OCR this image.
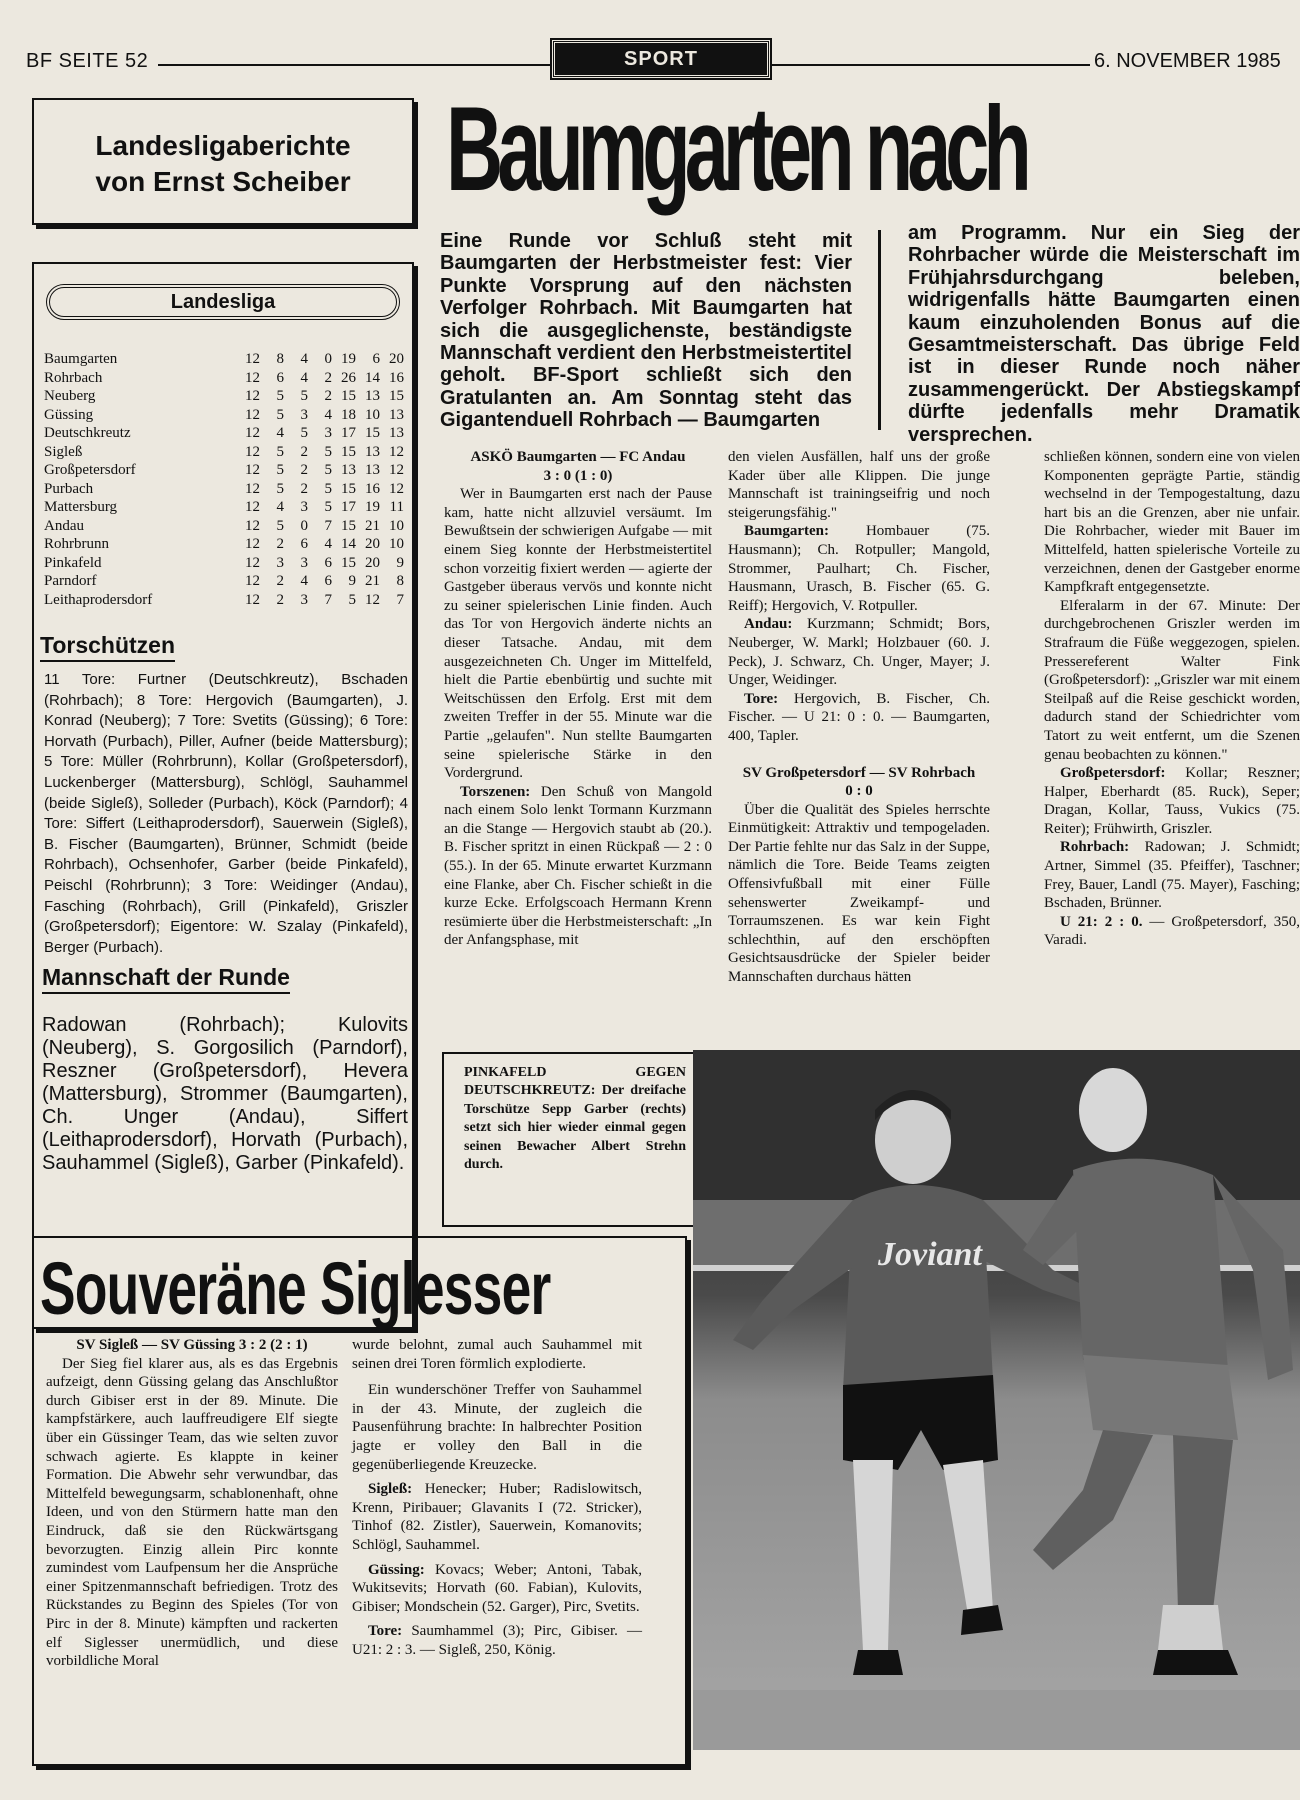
BF SEITE 52	SPORT	6. NOVEMBER 1985
Landesligaberichte
von Ernst Scheiber
Landesliga
Baumgarten	12	8	4	0	19	6	20
Rohrbach	12	6	4	2	26	14	16
Neuberg	12	5	5	2	15	13	15
Güssing	12	5	3	4	18	10	13
Deutschkreutz	12	4	5	3	17	15	13
Sigleß	12	5	2	5	15	13	12
Großpetersdorf	12	5	2	5	13	13	12
Purbach	12	5	2	5	15	16	12
Mattersburg	12	4	3	5	17	19	11
Andau	12	5	0	7	15	21	10
Rohrbrunn	12	2	6	4	14	20	10
Pinkafeld	12	3	3	6	15	20	9
Parndorf	12	2	4	6	9	21	8
Leithaprodersdorf	12	2	3	7	5	12	7
Torschützen

11 Tore: Furtner (Deutschkreutz), Bschaden (Rohrbach); 8 Tore: Hergovich (Baumgarten), J. Konrad (Neuberg); 7 Tore: Svetits (Güssing); 6 Tore: Horvath (Purbach), Piller, Aufner (beide Mattersburg); 5 Tore: Müller (Rohrbrunn), Kollar (Großpetersdorf), Luckenberger (Mattersburg), Schlögl, Sauhammel (beide Sigleß), Solleder (Purbach), Köck (Parndorf); 4 Tore: Siffert (Leithaprodersdorf), Sauerwein (Sigleß), B. Fischer (Baumgarten), Brünner, Schmidt (beide Rohrbach), Ochsenhofer, Garber (beide Pinkafeld), Peischl (Rohrbrunn); 3 Tore: Weidinger (Andau), Fasching (Rohrbach), Grill (Pinkafeld), Griszler (Großpetersdorf); Eigentore: W. Szalay (Pinkafeld), Berger (Purbach).

Mannschaft der Runde

Radowan (Rohrbach); Kulovits (Neuberg), S. Gorgosilich (Parndorf), Reszner (Großpetersdorf), Hevera (Mattersburg), Strommer (Baumgarten), Ch. Unger (Andau), Siffert (Leithaprodersdorf), Horvath (Purbach), Sauhammel (Sigleß), Garber (Pinkafeld).

Baumgarten nach

Eine Runde vor Schluß steht mit Baumgarten der Herbstmeister fest: Vier Punkte Vorsprung auf den nächsten Verfolger Rohrbach. Mit Baumgarten hat sich die ausgeglichenste, beständigste Mannschaft verdient den Herbstmeistertitel geholt. BF-Sport schließt sich den Gratulanten an. Am Sonntag steht das Gigantenduell Rohrbach — Baumgarten

am Programm. Nur ein Sieg der Rohrbacher würde die Meisterschaft im Frühjahrsdurchgang beleben, widrigenfalls hätte Baumgarten einen kaum einzuholenden Bonus auf die Gesamtmeisterschaft. Das übrige Feld ist in dieser Runde noch näher zusammengerückt. Der Abstiegskampf dürfte jedenfalls mehr Dramatik versprechen.

ASKÖ Baumgarten — FC Andau

3 : 0 (1 : 0)

Wer in Baumgarten erst nach der Pause kam, hatte nicht allzuviel versäumt. Im Bewußtsein der schwierigen Aufgabe — mit einem Sieg konnte der Herbstmeistertitel schon vorzeitig fixiert werden — agierte der Gastgeber überaus vervös und konnte nicht zu seiner spielerischen Linie finden. Auch das Tor von Hergovich änderte nichts an dieser Tatsache. Andau, mit dem ausgezeichneten Ch. Unger im Mittelfeld, hielt die Partie ebenbürtig und suchte mit Weitschüssen den Erfolg. Erst mit dem zweiten Treffer in der 55. Minute war die Partie „gelaufen". Nun stellte Baumgarten seine spielerische Stärke in den Vordergrund.

Torszenen: Den Schuß von Mangold nach einem Solo lenkt Tormann Kurzmann an die Stange — Hergovich staubt ab (20.). B. Fischer spritzt in einen Rückpaß — 2 : 0 (55.). In der 65. Minute erwartet Kurzmann eine Flanke, aber Ch. Fischer schießt in die kurze Ecke. Erfolgscoach Hermann Krenn resümierte über die Herbstmeisterschaft: „In der Anfangsphase, mit

den vielen Ausfällen, half uns der große Kader über alle Klippen. Die junge Mannschaft ist trainingseifrig und noch steigerungsfähig."

Baumgarten: Hombauer (75. Hausmann); Ch. Rotpuller; Mangold, Strommer, Paulhart; Ch. Fischer, Hausmann, Urasch, B. Fischer (65. G. Reiff); Hergovich, V. Rotpuller.

Andau: Kurzmann; Schmidt; Bors, Neuberger, W. Markl; Holzbauer (60. J. Peck), J. Schwarz, Ch. Unger, Mayer; J. Unger, Weidinger.

Tore: Hergovich, B. Fischer, Ch. Fischer. — U 21: 0 : 0. — Baumgarten, 400, Tapler.

SV Großpetersdorf — SV Rohrbach

0 : 0

Über die Qualität des Spieles herrschte Einmütigkeit: Attraktiv und tempogeladen. Der Partie fehlte nur das Salz in der Suppe, nämlich die Tore. Beide Teams zeigten Offensivfußball mit einer Fülle sehenswerter Zweikampf- und Torraumszenen. Es war kein Fight schlechthin, auf den erschöpften Gesichtsausdrücke der Spieler beider Mannschaften durchaus hätten

schließen können, sondern eine von vielen Komponenten geprägte Partie, ständig wechselnd in der Tempogestaltung, dazu hart bis an die Grenzen, aber nie unfair. Die Rohrbacher, wieder mit Bauer im Mittelfeld, hatten spielerische Vorteile zu verzeichnen, denen der Gastgeber enorme Kampfkraft entgegensetzte.

Elferalarm in der 67. Minute: Der durchgebrochenen Griszler werden im Strafraum die Füße weggezogen, spielen. Pressereferent Walter Fink (Großpetersdorf): „Griszler war mit einem Steilpaß auf die Reise geschickt worden, dadurch stand der Schiedrichter vom Tatort zu weit entfernt, um die Szenen genau beobachten zu können."

Großpetersdorf: Kollar; Reszner; Halper, Eberhardt (85. Ruck), Seper; Dragan, Kollar, Tauss, Vukics (75. Reiter); Frühwirth, Griszler.

Rohrbach: Radowan; J. Schmidt; Artner, Simmel (35. Pfeiffer), Taschner; Frey, Bauer, Landl (75. Mayer), Fasching; Bschaden, Brünner.

U 21: 2 : 0. — Großpetersdorf, 350, Varadi.

PINKAFELD GEGEN DEUTSCHKREUTZ: Der dreifache Torschütze Sepp Garber (rechts) setzt sich hier wieder einmal gegen seinen Bewacher Albert Strehn durch.
Joviant
Souveräne Siglesser

SV Sigleß — SV Güssing 3 : 2 (2 : 1)

Der Sieg fiel klarer aus, als es das Ergebnis aufzeigt, denn Güssing gelang das Anschlußtor durch Gibiser erst in der 89. Minute. Die kampfstärkere, auch lauffreudigere Elf siegte über ein Güssinger Team, das wie selten zuvor schwach agierte. Es klappte in keiner Formation. Die Abwehr sehr verwundbar, das Mittelfeld bewegungsarm, schablonenhaft, ohne Ideen, und von den Stürmern hatte man den Eindruck, daß sie den Rückwärtsgang bevorzugten. Einzig allein Pirc konnte zumindest vom Laufpensum her die Ansprüche einer Spitzenmannschaft befriedigen. Trotz des Rückstandes zu Beginn des Spieles (Tor von Pirc in der 8. Minute) kämpften und rackerten elf Siglesser unermüdlich, und diese vorbildliche Moral

wurde belohnt, zumal auch Sauhammel mit seinen drei Toren förmlich explodierte.

Ein wunderschöner Treffer von Sauhammel in der 43. Minute, der zugleich die Pausenführung brachte: In halbrechter Position jagte er volley den Ball in die gegenüberliegende Kreuzecke.

Sigleß: Henecker; Huber; Radislowitsch, Krenn, Piribauer; Glavanits I (72. Stricker), Tinhof (82. Zistler), Sauerwein, Komanovits; Schlögl, Sauhammel.

Güssing: Kovacs; Weber; Antoni, Tabak, Wukitsevits; Horvath (60. Fabian), Kulovits, Gibiser; Mondschein (52. Garger), Pirc, Svetits.

Tore: Saumhammel (3); Pirc, Gibiser. — U21: 2 : 3. — Sigleß, 250, König.
